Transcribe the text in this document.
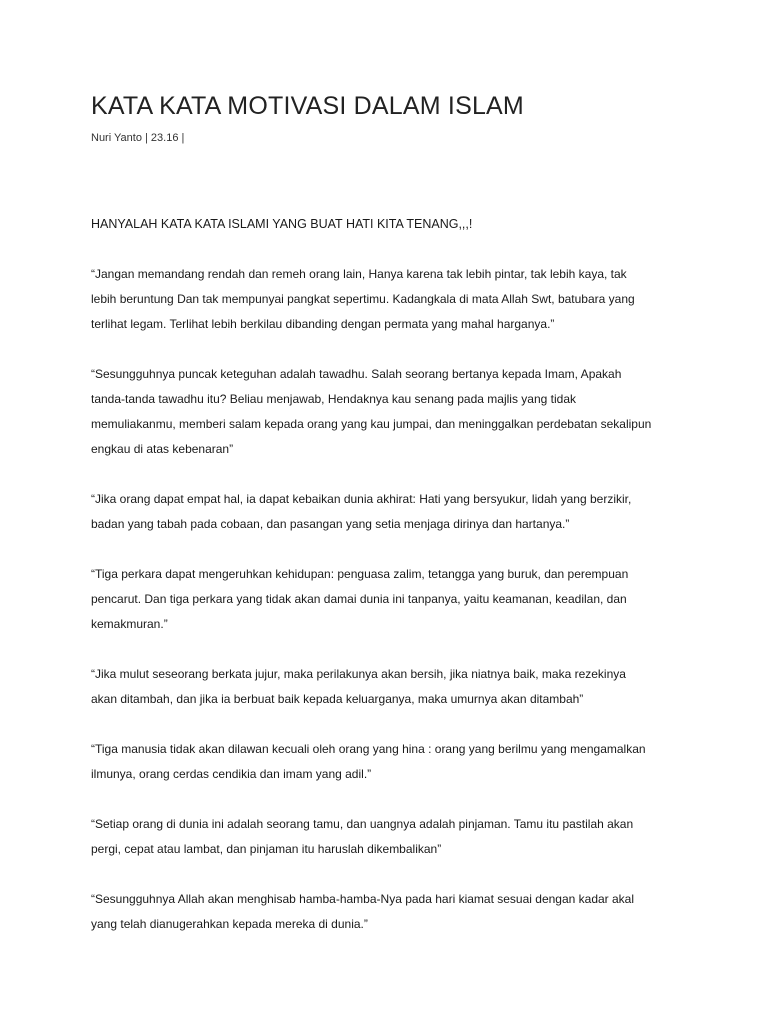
KATA KATA MOTIVASI DALAM ISLAM
Nuri Yanto | 23.16 |
HANYALAH KATA KATA ISLAMI YANG BUAT HATI KITA TENANG,,,!

“Jangan memandang rendah dan remeh orang lain, Hanya karena tak lebih pintar, tak lebih kaya, tak
lebih beruntung Dan tak mempunyai pangkat sepertimu. Kadangkala di mata Allah Swt, batubara yang
terlihat legam. Terlihat lebih berkilau dibanding dengan permata yang mahal harganya.”

“Sesungguhnya puncak keteguhan adalah tawadhu. Salah seorang bertanya kepada Imam, Apakah
tanda-tanda tawadhu itu? Beliau menjawab, Hendaknya kau senang pada majlis yang tidak
memuliakanmu, memberi salam kepada orang yang kau jumpai, dan meninggalkan perdebatan sekalipun
engkau di atas kebenaran”

“Jika orang dapat empat hal, ia dapat kebaikan dunia akhirat: Hati yang bersyukur, lidah yang berzikir,
badan yang tabah pada cobaan, dan pasangan yang setia menjaga dirinya dan hartanya.”

“Tiga perkara dapat mengeruhkan kehidupan: penguasa zalim, tetangga yang buruk, dan perempuan
pencarut. Dan tiga perkara yang tidak akan damai dunia ini tanpanya, yaitu keamanan, keadilan, dan
kemakmuran.”

“Jika mulut seseorang berkata jujur, maka perilakunya akan bersih, jika niatnya baik, maka rezekinya
akan ditambah, dan jika ia berbuat baik kepada keluarganya, maka umurnya akan ditambah”

“Tiga manusia tidak akan dilawan kecuali oleh orang yang hina : orang yang berilmu yang mengamalkan
ilmunya, orang cerdas cendikia dan imam yang adil.”

“Setiap orang di dunia ini adalah seorang tamu, dan uangnya adalah pinjaman. Tamu itu pastilah akan
pergi, cepat atau lambat, dan pinjaman itu haruslah dikembalikan”

“Sesungguhnya Allah akan menghisab hamba-hamba-Nya pada hari kiamat sesuai dengan kadar akal
yang telah dianugerahkan kepada mereka di dunia.”
